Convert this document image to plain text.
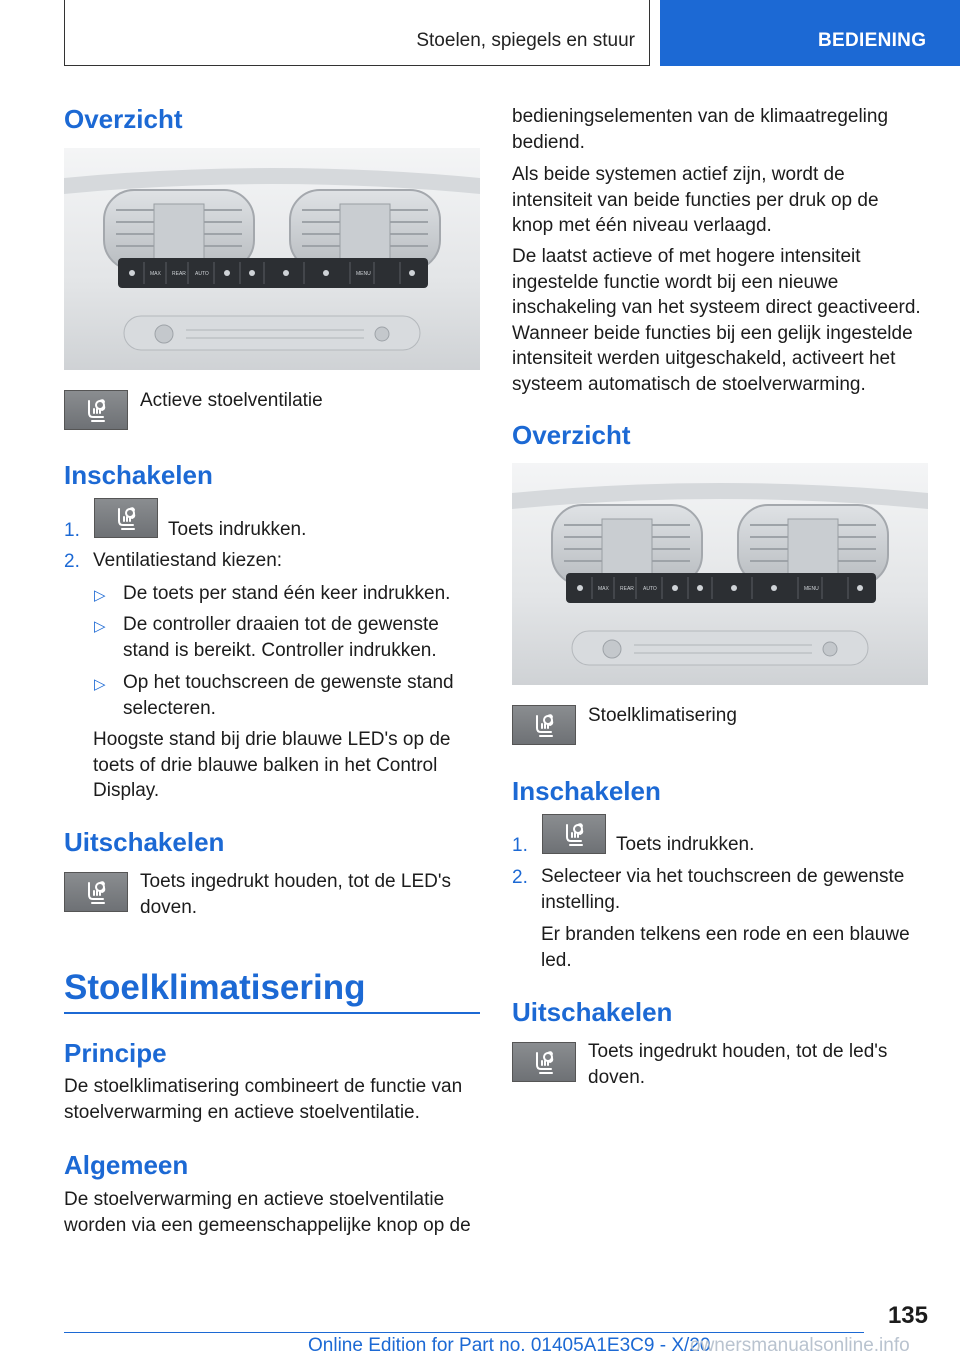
Stoelen, spiegels en stuur	BEDIENING
Overzicht
MAX REAR AUTO	MENU
Actieve stoelventilatie
Inschakelen
1.	Toets indrukken.
2. Ventilatiestand kiezen:
▷ De toets per stand één keer indrukken.
▷ De controller draaien tot de gewenste stand is bereikt. Controller indrukken.
▷ Op het touchscreen de gewenste stand selecteren.
Hoogste stand bij drie blauwe LED's op de toets of drie blauwe balken in het Control Display.
Uitschakelen
Toets ingedrukt houden, tot de LED's doven.
Stoelklimatisering
Principe
De stoelklimatisering combineert de functie van stoelverwarming en actieve stoelventilatie.
Algemeen
De stoelverwarming en actieve stoelventilatie worden via een gemeenschappelijke knop op de
bedieningselementen van de klimaatregeling bediend.
Als beide systemen actief zijn, wordt de intensiteit van beide functies per druk op de knop met één niveau verlaagd.
De laatst actieve of met hogere intensiteit ingestelde functie wordt bij een nieuwe inschakeling van het systeem direct geactiveerd. Wanneer beide functies bij een gelijk ingestelde intensiteit werden uitgeschakeld, activeert het systeem automatisch de stoelverwarming.
Overzicht
MAX REAR AUTO	MENU
Stoelklimatisering
Inschakelen
1.	Toets indrukken.
2. Selecteer via het touchscreen de gewenste instelling.
Er branden telkens een rode en een blauwe led.
Uitschakelen
Toets ingedrukt houden, tot de led's doven.
135
Online Edition for Part no. 01405A1E3C9 - X/20
ownersmanualsonline.info
